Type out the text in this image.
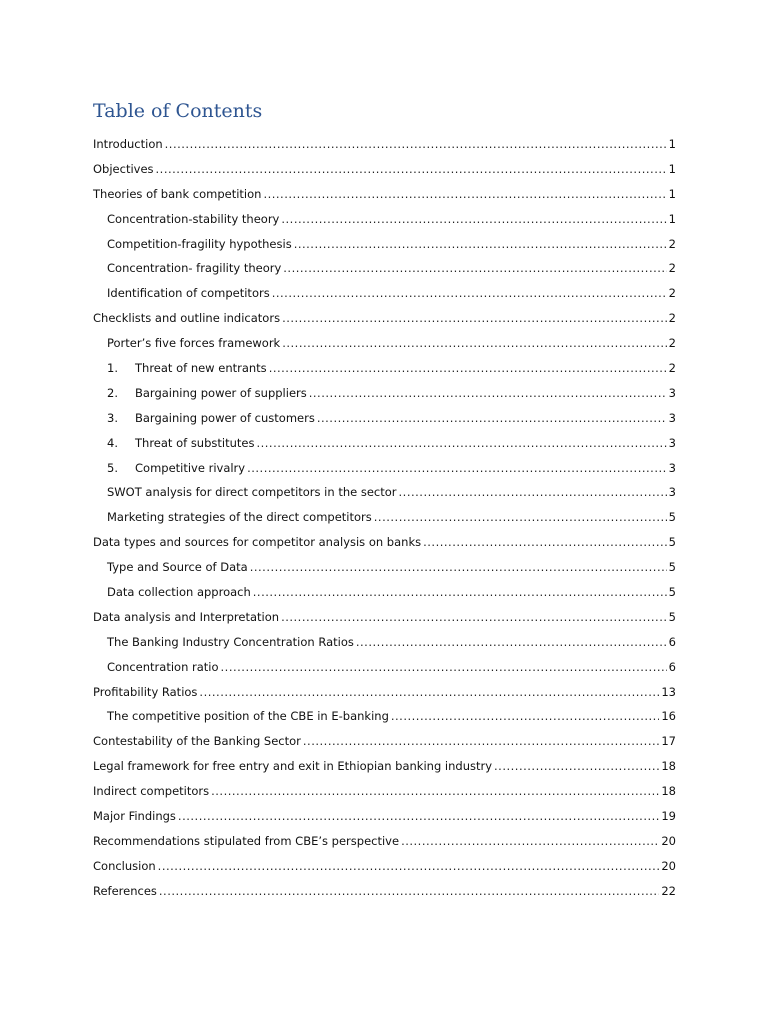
Table of Contents
Introduction .....	1
Objectives .....	1
Theories of bank competition .....	1
Concentration-stability theory .....	1
Competition-fragility hypothesis .....	2
Concentration- fragility theory .....	2
Identification of competitors .....	2
Checklists and outline indicators .....	2
Porter’s five forces framework .....	2
1.	Threat of new entrants .....	2
2.	Bargaining power of suppliers .....	3
3.	Bargaining power of customers .....	3
4.	Threat of substitutes .....	3
5.	Competitive rivalry .....	3
SWOT analysis for direct competitors in the sector .....	3
Marketing strategies of the direct competitors .....	5
Data types and sources for competitor analysis on banks .....	5
Type and Source of Data .....	5
Data collection approach .....	5
Data analysis and Interpretation .....	5
The Banking Industry Concentration Ratios .....	6
Concentration ratio .....	6
Profitability Ratios .....	13
The competitive position of the CBE in E-banking .....	16
Contestability of the Banking Sector .....	17
Legal framework for free entry and exit in Ethiopian banking industry .....	18
Indirect competitors .....	18
Major Findings .....	19
Recommendations stipulated from CBE’s perspective .....	20
Conclusion .....	20
References .....	22
